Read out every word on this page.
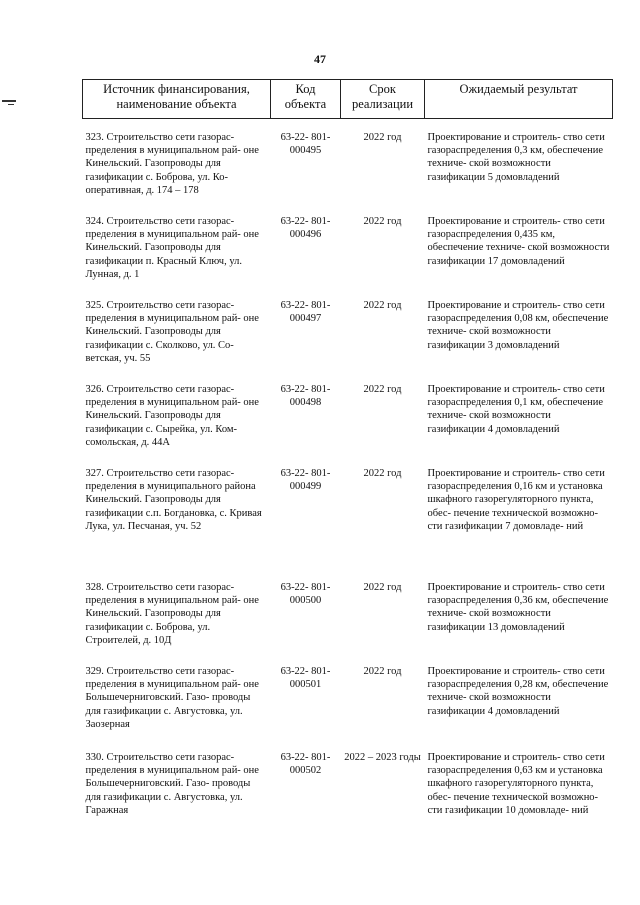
47
Источник финансирования, наименование объекта	Код объекта	Срок реализации	Ожидаемый результат

323. Строительство сети газорас- пределения в муниципальном рай- оне Кинельский. Газопроводы для газификации с. Боброва, ул. Ко- оперативная, д. 174 – 178	63-22- 801- 000495	2022 год	Проектирование и строитель- ство сети газораспределения 0,3 км, обеспечение техниче- ской возможности газификации 5 домовладений
324. Строительство сети газорас- пределения в муниципальном рай- оне Кинельский. Газопроводы для газификации п. Красный Ключ, ул. Лунная, д. 1	63-22- 801- 000496	2022 год	Проектирование и строитель- ство сети газораспределения 0,435 км, обеспечение техниче- ской возможности газификации 17 домовладений
325. Строительство сети газорас- пределения в муниципальном рай- оне Кинельский. Газопроводы для газификации с. Сколково, ул. Со- ветская, уч. 55	63-22- 801- 000497	2022 год	Проектирование и строитель- ство сети газораспределения 0,08 км, обеспечение техниче- ской возможности газификации 3 домовладений
326. Строительство сети газорас- пределения в муниципальном рай- оне Кинельский. Газопроводы для газификации с. Сырейка, ул. Ком- сомольская, д. 44А	63-22- 801- 000498	2022 год	Проектирование и строитель- ство сети газораспределения 0,1 км, обеспечение техниче- ской возможности газификации 4 домовладений
327. Строительство сети газорас- пределения в муниципального района Кинельский. Газопроводы для газификации с.п. Богдановка, с. Кривая Лука, ул. Песчаная, уч. 52	63-22- 801- 000499	2022 год	Проектирование и строитель- ство сети газораспределения 0,16 км и установка шкафного газорегуляторного пункта, обес- печение технической возможно- сти газификации 7 домовладе- ний
328. Строительство сети газорас- пределения в муниципальном рай- оне Кинельский. Газопроводы для газификации с. Боброва, ул. Строителей, д. 10Д	63-22- 801- 000500	2022 год	Проектирование и строитель- ство сети газораспределения 0,36 км, обеспечение техниче- ской возможности газификации 13 домовладений
329. Строительство сети газорас- пределения в муниципальном рай- оне Большечерниговский. Газо- проводы для газификации с. Августовка, ул. Заозерная	63-22- 801- 000501	2022 год	Проектирование и строитель- ство сети газораспределения 0,28 км, обеспечение техниче- ской возможности газификации 4 домовладений
330. Строительство сети газорас- пределения в муниципальном рай- оне Большечерниговский. Газо- проводы для газификации с. Августовка, ул. Гаражная	63-22- 801- 000502	2022 – 2023 годы	Проектирование и строитель- ство сети газораспределения 0,63 км и установка шкафного газорегуляторного пункта, обес- печение технической возможно- сти газификации 10 домовладе- ний
